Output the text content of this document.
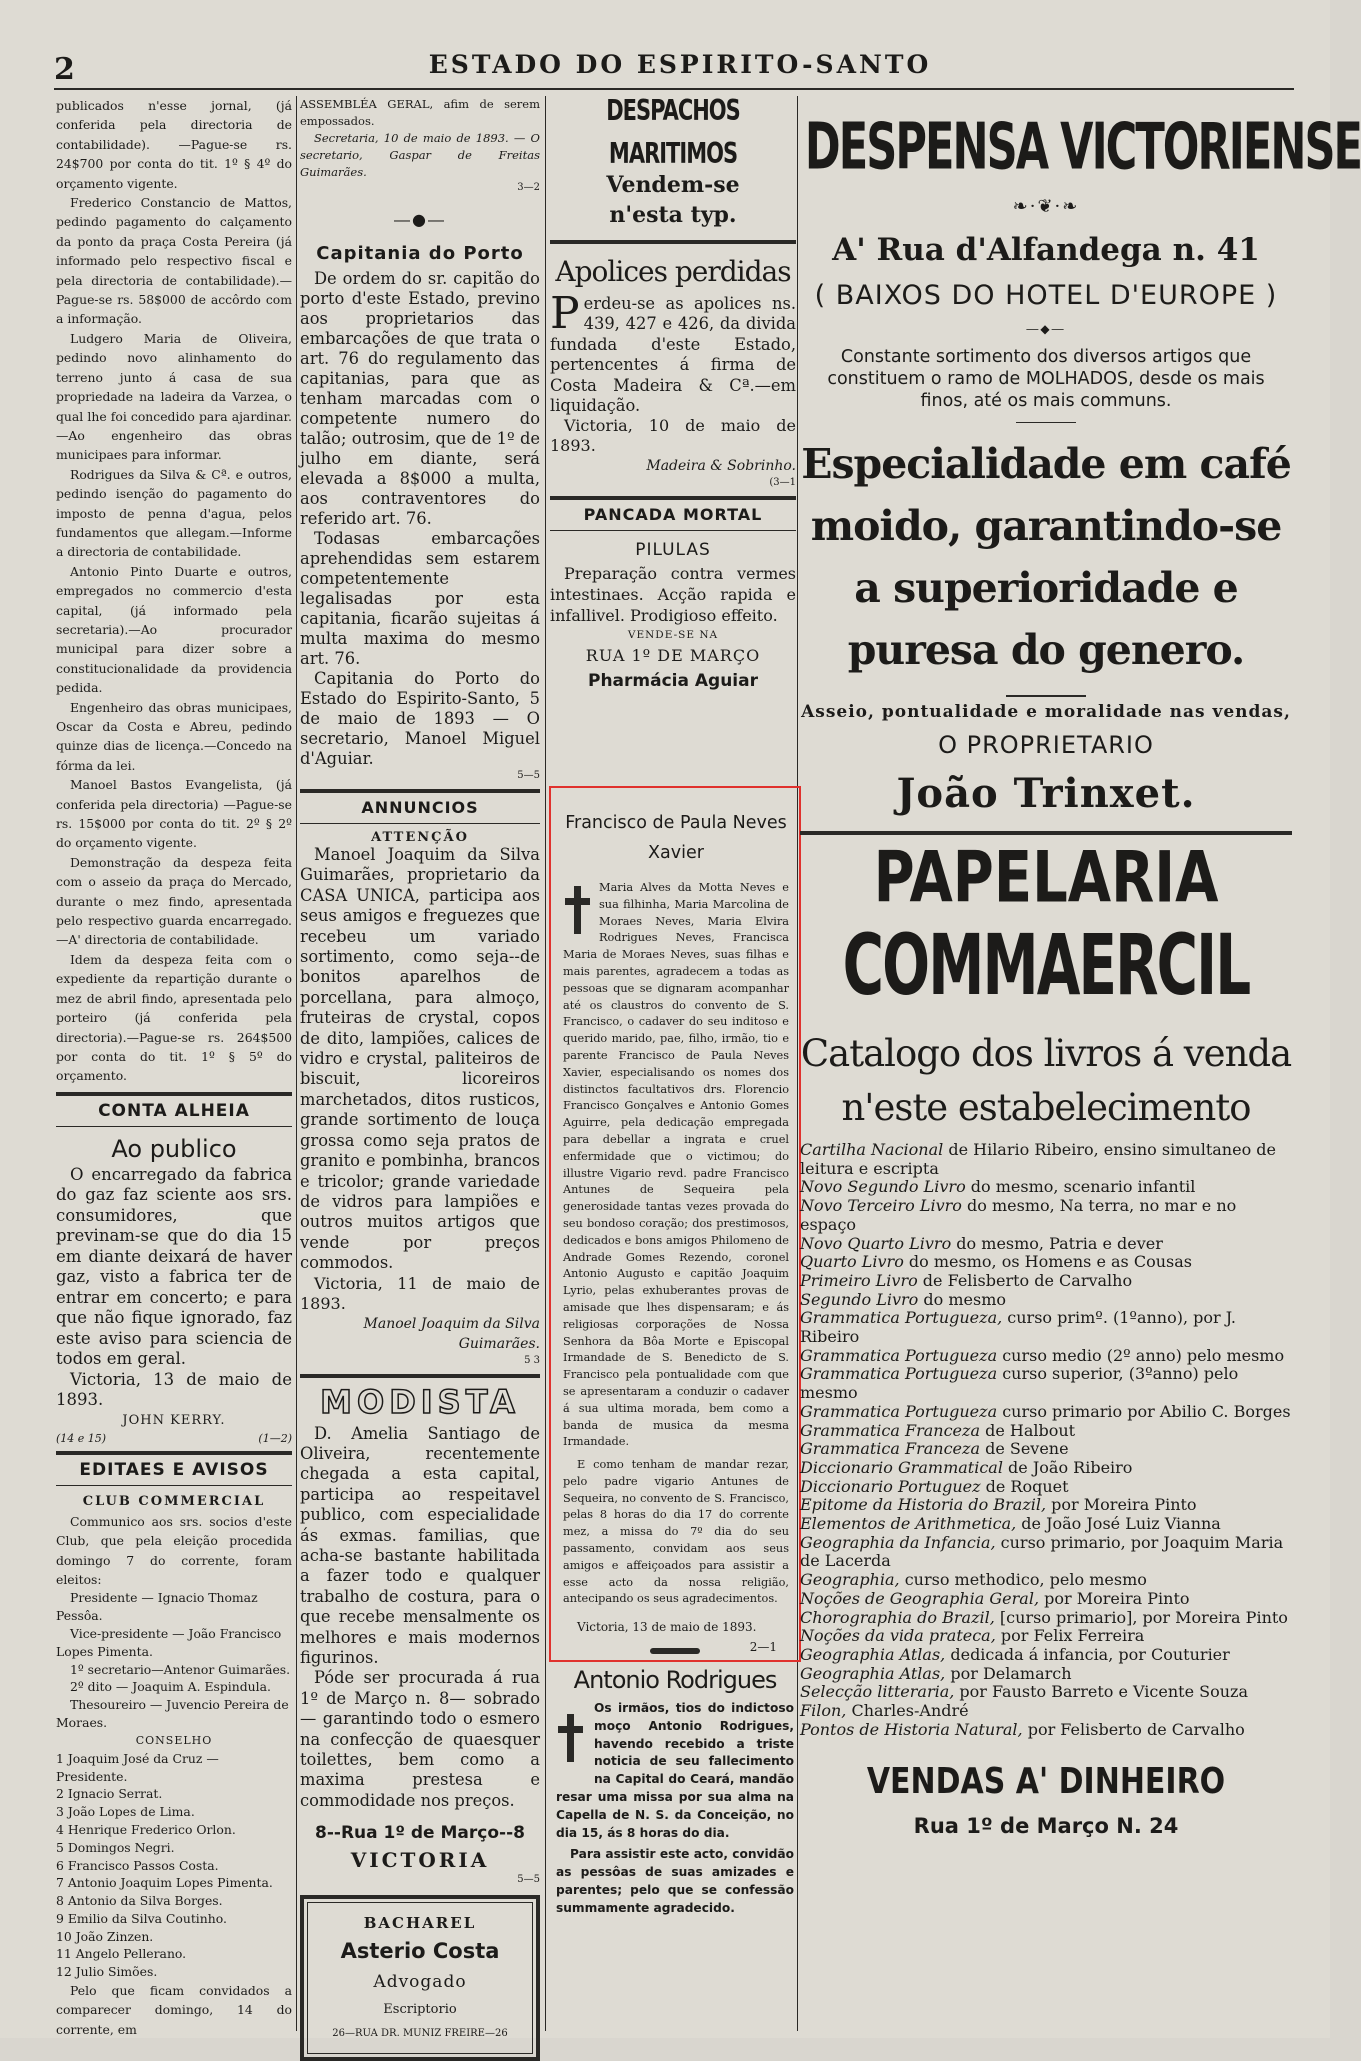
2	ESTADO DO ESPIRITO-SANTO

publicados n'esse jornal, (já conferida pela directoria de contabilidade). —Pague-se rs. 24$700 por conta do tit. 1º § 4º do orçamento vigente.

Frederico Constancio de Mattos, pedindo pagamento do calçamento da ponto da praça Costa Pereira (já informado pelo respectivo fiscal e pela directoria de contabilidade).—Pague-se rs. 58$000 de accôrdo com a informação.

Ludgero Maria de Oliveira, pedindo novo alinhamento do terreno junto á casa de sua propriedade na ladeira da Varzea, o qual lhe foi concedido para ajardinar.—Ao engenheiro das obras municipaes para informar.

Rodrigues da Silva & Cª. e outros, pedindo isenção do pagamento do imposto de penna d'agua, pelos fundamentos que allegam.—Informe a directoria de contabilidade.

Antonio Pinto Duarte e outros, empregados no commercio d'esta capital, (já informado pela secretaria).—Ao procurador municipal para dizer sobre a constitucionalidade da providencia pedida.

Engenheiro das obras municipaes, Oscar da Costa e Abreu, pedindo quinze dias de licença.—Concedo na fórma da lei.

Manoel Bastos Evangelista, (já conferida pela directoria) —Pague-se rs. 15$000 por conta do tit. 2º § 2º do orçamento vigente.

Demonstração da despeza feita com o asseio da praça do Mercado, durante o mez findo, apresentada pelo respectivo guarda encarregado.—A' directoria de contabilidade.

Idem da despeza feita com o expediente da repartição durante o mez de abril findo, apresentada pelo porteiro (já conferida pela directoria).—Pague-se rs. 264$500 por conta do tit. 1º § 5º do orçamento.

CONTA ALHEIA
Ao publico

O encarregado da fabrica do gaz faz sciente aos srs. consumidores, que previnam-se que do dia 15 em diante deixará de haver gaz, visto a fabrica ter de entrar em concerto; e para que não fique ignorado, faz este aviso para sciencia de todos em geral.

Victoria, 13 de maio de 1893.

JOHN KERRY.

(14 e 15)	(1—2)
EDITAES E AVISOS
CLUB COMMERCIAL

Communico aos srs. socios d'este Club, que pela eleição procedida domingo 7 do corrente, foram eleitos:

Presidente — Ignacio Thomaz Pessôa.

Vice-presidente — João Francisco Lopes Pimenta.

1º secretario—Antenor Guimarães.

2º dito — Joaquim A. Espindula.

Thesoureiro — Juvencio Pereira de Moraes.

CONSELHO

1 Joaquim José da Cruz — Presidente.

2 Ignacio Serrat.

3 João Lopes de Lima.

4 Henrique Frederico Orlon.

5 Domingos Negri.

6 Francisco Passos Costa.

7 Antonio Joaquim Lopes Pimenta.

8 Antonio da Silva Borges.

9 Emilio da Silva Coutinho.

10 João Zinzen.

11 Angelo Pellerano.

12 Julio Simões.

Pelo que ficam convidados a comparecer domingo, 14 do corrente, em

ASSEMBLÉA GERAL, afim de serem empossados.

Secretaria, 10 de maio de 1893. — O secretario, Gaspar de Freitas Guimarães.

3—2

―●―
Capitania do Porto

De ordem do sr. capitão do porto d'este Estado, previno aos proprietarios das embarcações de que trata o art. 76 do regulamento das capitanias, para que as tenham marcadas com o competente numero do talão; outrosim, que de 1º de julho em diante, será elevada a 8$000 a multa, aos contraventores do referido art. 76.

Todasas embarcações aprehendidas sem estarem competentemente legalisadas por esta capitania, ficarão sujeitas á multa maxima do mesmo art. 76.

Capitania do Porto do Estado do Espirito-Santo, 5 de maio de 1893 — O secretario, Manoel Miguel d'Aguiar.

5—5

ANNUNCIOS
ATTENÇÃO

Manoel Joaquim da Silva Guimarães, proprietario da CASA UNICA, participa aos seus amigos e freguezes que recebeu um variado sortimento, como seja--de bonitos aparelhos de porcellana, para almoço, fruteiras de crystal, copos de dito, lampiões, calices de vidro e crystal, paliteiros de biscuit, licoreiros marchetados, ditos rusticos, grande sortimento de louça grossa como seja pratos de granito e pombinha, brancos e tricolor; grande variedade de vidros para lampiões e outros muitos artigos que vende por preços commodos.

Victoria, 11 de maio de 1893.

Manoel Joaquim da Silva Guimarães.

5 3

MODISTA

D. Amelia Santiago de Oliveira, recentemente chegada a esta capital, participa ao respeitavel publico, com especialidade ás exmas. familias, que acha-se bastante habilitada a fazer todo e qualquer trabalho de costura, para o que recebe mensalmente os melhores e mais modernos figurinos.

Póde ser procurada á rua 1º de Março n. 8— sobrado— garantindo todo o esmero na confecção de quaesquer toilettes, bem como a maxima prestesa e commodidade nos preços.

8--Rua 1º de Março--8
VICTORIA

5—5

BACHAREL
Asterio Costa
Advogado
Escriptorio
26—RUA DR. MUNIZ FREIRE—26
DESPACHOS MARITIMOS
Vendem-se
n'esta typ.
Apolices perdidas

Perdeu-se as apolices ns. 439, 427 e 426, da divida fundada d'este Estado, pertencentes á firma de Costa Madeira & Cª.—em liquidação.

Victoria, 10 de maio de 1893.

Madeira & Sobrinho.

(3—1

PANCADA MORTAL
PILULAS

Preparação contra vermes intestinaes. Acção rapida e infallivel. Prodigioso effeito.

VENDE-SE NA
RUA 1º DE MARÇO
Pharmácia Aguiar
Francisco de Paula Neves Xavier
Maria Alves da Motta Neves e sua filhinha, Maria Marcolina de Moraes Neves, Maria Elvira Rodrigues Neves, Francisca Maria de Moraes Neves, suas filhas e mais parentes, agradecem a todas as pessoas que se dignaram acompanhar até os claustros do convento de S. Francisco, o cadaver do seu inditoso e querido marido, pae, filho, irmão, tio e parente Francisco de Paula Neves Xavier, especialisando os nomes dos distinctos facultativos drs. Florencio Francisco Gonçalves e Antonio Gomes Aguirre, pela dedicação empregada para debellar a ingrata e cruel enfermidade que o victimou; do illustre Vigario revd. padre Francisco Antunes de Sequeira pela generosidade tantas vezes provada do seu bondoso coração; dos prestimosos, dedicados e bons amigos Philomeno de Andrade Gomes Rezendo, coronel Antonio Augusto e capitão Joaquim Lyrio, pelas exhuberantes provas de amisade que lhes dispensaram; e ás religiosas corporações de Nossa Senhora da Bôa Morte e Episcopal Irmandade de S. Benedicto de S. Francisco pela pontualidade com que se apresentaram a conduzir o cadaver á sua ultima morada, bem como a banda de musica da mesma Irmandade.

E como tenham de mandar rezar, pelo padre vigario Antunes de Sequeira, no convento de S. Francisco, pelas 8 horas do dia 17 do corrente mez, a missa do 7º dia do seu passamento, convidam aos seus amigos e affeiçoados para assistir a esse acto da nossa religião, antecipando os seus agradecimentos.

Victoria, 13 de maio de 1893.

2—1

Antonio Rodrigues
Os irmãos, tios do indictoso moço Antonio Rodrigues, havendo recebido a triste noticia de seu fallecimento na Capital do Ceará, mandão resar uma missa por sua alma na Capella de N. S. da Conceição, no dia 15, ás 8 horas do dia.

Para assistir este acto, convidão as pessôas de suas amizades e parentes; pelo que se confessão summamente agradecido.

DESPENSA VICTORIENSE
❧·❦·❧
A' Rua d'Alfandega n. 41
( BAIXOS DO HOTEL D'EUROPE )
―◆―

Constante sortimento dos diversos artigos que constituem o ramo de MOLHADOS, desde os mais finos, até os mais communs.

Especialidade em café moido, garantindo-se a superioridade e puresa do genero.

Asseio, pontualidade e moralidade nas vendas,
O PROPRIETARIO
João Trinxet.
PAPELARIA
COMMAERCIL

Catalogo dos livros á venda n'este estabelecimento

Cartilha Nacional de Hilario Ribeiro, ensino simultaneo de leitura e escripta

Novo Segundo Livro do mesmo, scenario infantil

Novo Terceiro Livro do mesmo, Na terra, no mar e no espaço

Novo Quarto Livro do mesmo, Patria e dever

Quarto Livro do mesmo, os Homens e as Cousas

Primeiro Livro de Felisberto de Carvalho

Segundo Livro do mesmo

Grammatica Portugueza, curso primº. (1ºanno), por J. Ribeiro

Grammatica Portugueza curso medio (2º anno) pelo mesmo

Grammatica Portugueza curso superior, (3ºanno) pelo mesmo

Grammatica Portugueza curso primario por Abilio C. Borges

Grammatica Franceza de Halbout

Grammatica Franceza de Sevene

Diccionario Grammatical de João Ribeiro

Diccionario Portuguez de Roquet

Epitome da Historia do Brazil, por Moreira Pinto

Elementos de Arithmetica, de João José Luiz Vianna

Geographia da Infancia, curso primario, por Joaquim Maria de Lacerda

Geographia, curso methodico, pelo mesmo

Noções de Geographia Geral, por Moreira Pinto

Chorographia do Brazil, [curso primario], por Moreira Pinto

Noções da vida prateca, por Felix Ferreira

Geographia Atlas, dedicada á infancia, por Couturier

Geographia Atlas, por Delamarch

Selecção litteraria, por Fausto Barreto e Vicente Souza

Filon, Charles-André

Pontos de Historia Natural, por Felisberto de Carvalho

VENDAS A' DINHEIRO
Rua 1º de Março N. 24
